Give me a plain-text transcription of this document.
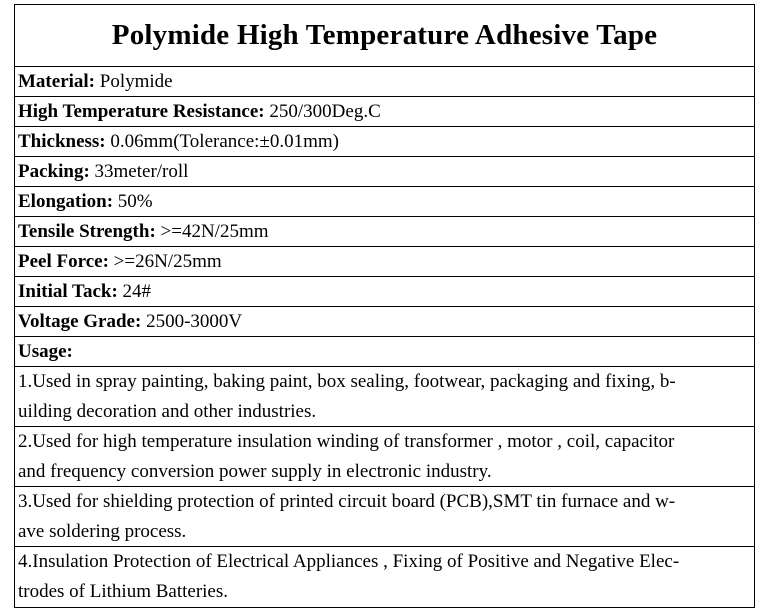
Polymide High Temperature Adhesive Tape
Material: Polymide
High Temperature Resistance: 250/300Deg.C
Thickness: 0.06mm(Tolerance:±0.01mm)
Packing: 33meter/roll
Elongation: 50%
Tensile Strength: >=42N/25mm
Peel Force: >=26N/25mm
Initial Tack: 24#
Voltage Grade: 2500-3000V
Usage:
1.Used in spray painting, baking paint, box sealing, footwear, packaging and fixing, b-
uilding decoration and other industries.
2.Used for high temperature insulation winding of transformer , motor , coil, capacitor
and frequency conversion power supply in electronic industry.
3.Used for shielding protection of printed circuit board (PCB),SMT tin furnace and w-
ave soldering process.
4.Insulation Protection of Electrical Appliances , Fixing of Positive and Negative Elec-
trodes of Lithium Batteries.
